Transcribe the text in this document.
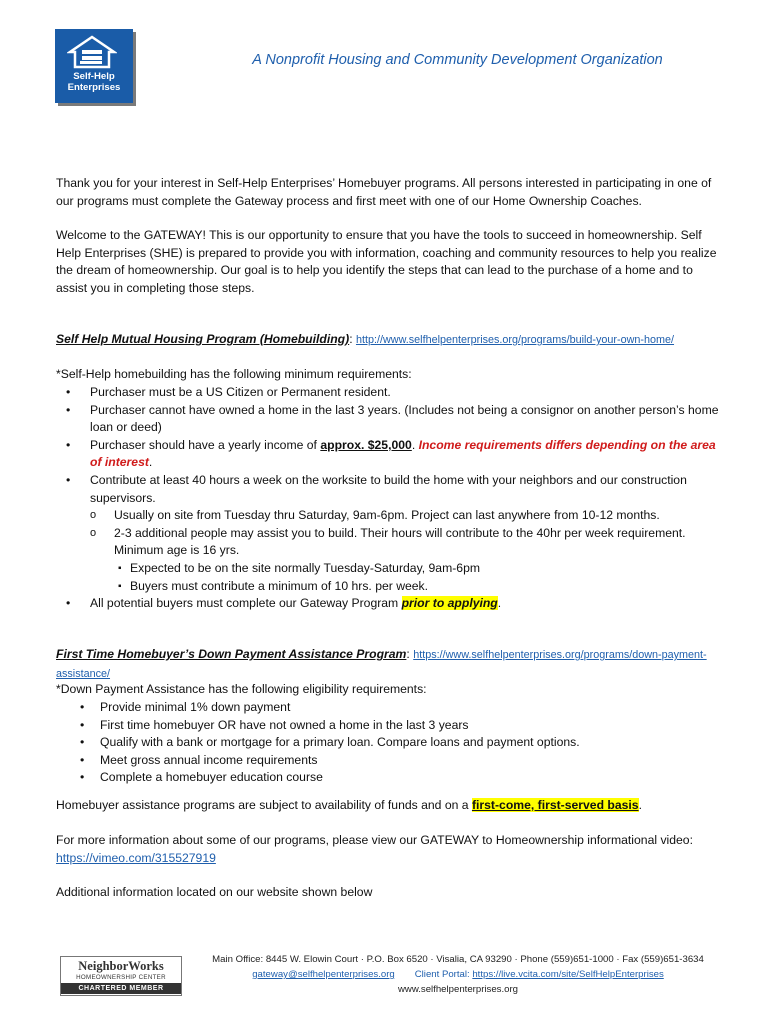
Self-Help
Enterprises
A Nonprofit Housing and Community Development Organization

Thank you for your interest in Self-Help Enterprises’ Homebuyer programs. All persons interested in participating in one of our programs must complete the Gateway process and first meet with one of our Home Ownership Coaches.

Welcome to the GATEWAY! This is our opportunity to ensure that you have the tools to succeed in homeownership. Self Help Enterprises (SHE) is prepared to provide you with information, coaching and community resources to help you realize the dream of homeownership. Our goal is to help you identify the steps that can lead to the purchase of a home and to assist you in completing those steps.

Self Help Mutual Housing Program (Homebuilding): http://www.selfhelpenterprises.org/programs/build-your-own-home/

*Self-Help homebuilding has the following minimum requirements:

• Purchaser must be a US Citizen or Permanent resident.
• Purchaser cannot have owned a home in the last 3 years. (Includes not being a consignor on another person’s home loan or deed)
• Purchaser should have a yearly income of approx. $25,000. Income requirements differs depending on the area of interest.
• Contribute at least 40 hours a week on the worksite to build the home with your neighbors and our construction supervisors.
o Usually on site from Tuesday thru Saturday, 9am-6pm. Project can last anywhere from 10-12 months.
o 2-3 additional people may assist you to build. Their hours will contribute to the 40hr per week requirement. Minimum age is 16 yrs.
▪ Expected to be on the site normally Tuesday-Saturday, 9am-6pm
▪ Buyers must contribute a minimum of 10 hrs. per week.
• All potential buyers must complete our Gateway Program prior to applying.

First Time Homebuyer’s Down Payment Assistance Program: https://www.selfhelpenterprises.org/programs/down-payment-assistance/

*Down Payment Assistance has the following eligibility requirements:

• Provide minimal 1% down payment
• First time homebuyer OR have not owned a home in the last 3 years
• Qualify with a bank or mortgage for a primary loan. Compare loans and payment options.
• Meet gross annual income requirements
• Complete a homebuyer education course

Homebuyer assistance programs are subject to availability of funds and on a first-come, first-served basis.

For more information about some of our programs, please view our GATEWAY to Homeownership informational video: https://vimeo.com/315527919

Additional information located on our website shown below

NeighborWorks
HOMEOWNERSHIP CENTER
CHARTERED MEMBER
Main Office: 8445 W. Elowin Court · P.O. Box 6520 · Visalia, CA 93290 · Phone (559)651-1000 · Fax (559)651-3634
gateway@selfhelpenterprises.org Client Portal: https://live.vcita.com/site/SelfHelpEnterprises
www.selfhelpenterprises.org
